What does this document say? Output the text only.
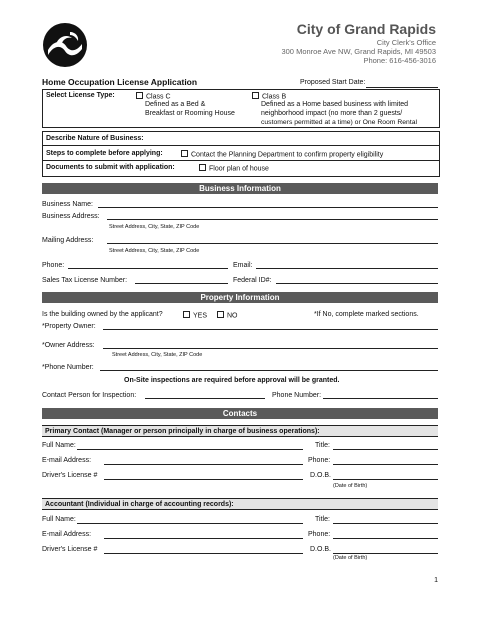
City of Grand Rapids
City Clerk's Office
300 Monroe Ave NW, Grand Rapids, MI 49503
Phone: 616-456-3016
Home Occupation License Application	Proposed Start Date:
Select License Type:	Class C
Defined as a Bed &
Breakfast or Rooming House
Class B
Defined as a Home based business with limited
neighborhood impact (no more than 2 guests/
customers permitted at a time) or One Room Rental
Describe Nature of Business:
Steps to complete before applying:	Contact the Planning Department to confirm property eligibility
Documents to submit with application:	Floor plan of house
Business Information
Business Name:
Business Address:
Street Address, City, State, ZIP Code
Mailing Address:
Street Address, City, State, ZIP Code
Phone:	Email:
Sales Tax License Number:	Federal ID#:
Property Information
Is the building owned by the applicant?	YES	NO	*If No, complete marked sections.
*Property Owner:
*Owner Address:
Street Address, City, State, ZIP Code
*Phone Number:
On-Site inspections are required before approval will be granted.
Contact Person for Inspection:	Phone Number:
Contacts
Primary Contact (Manager or person principally in charge of business operations):
Full Name:	Title:
E-mail Address:	Phone:
Driver's License #	D.O.B.
(Date of Birth)
Accountant (Individual in charge of accounting records):
Full Name:	Title:
E-mail Address:	Phone:
Driver's License #	D.O.B.
(Date of Birth)
1
